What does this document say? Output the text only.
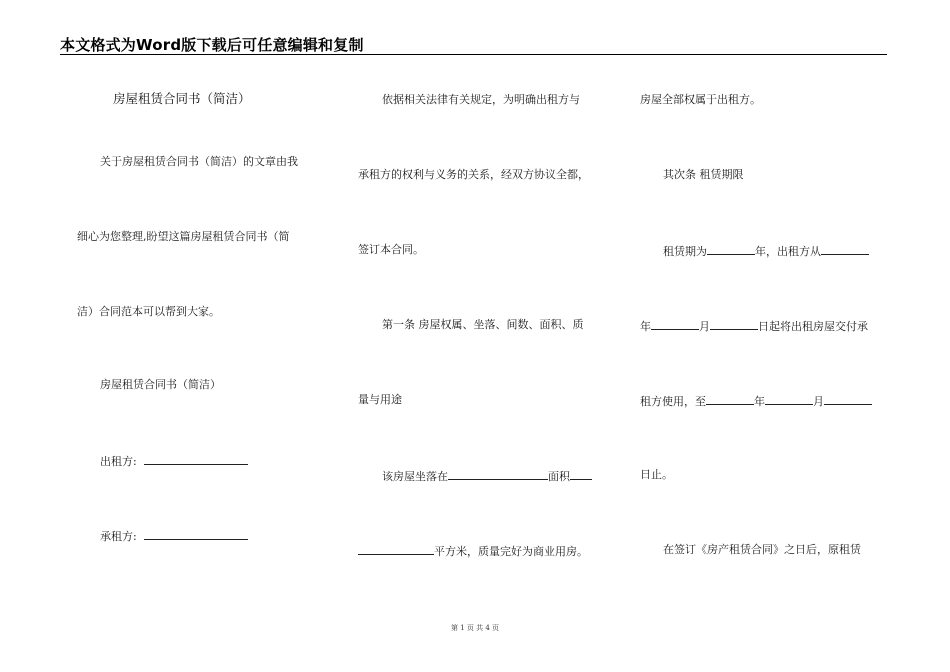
本文格式为Word版下载后可任意编辑和复制
房屋租赁合同书（简洁）
关于房屋租赁合同书（简洁）的文章由我
细心为您整理,盼望这篇房屋租赁合同书（简
洁）合同范本可以帮到大家。
房屋租赁合同书（简洁）
出租方:
承租方:
依据相关法律有关规定，为明确出租方与
承租方的权利与义务的关系，经双方协议全都，
签订本合同。
第一条 房屋权属、坐落、间数、面积、质
量与用途
该房屋坐落在	面积
平方米，质量完好为商业用房。
房屋全部权属于出租方。
其次条 租赁期限
租赁期为	年，出租方从
年	月	日起将出租房屋交付承
租方使用，至	年	月
日止。
在签订《房产租赁合同》之日后，原租赁
第 1 页 共 4 页
